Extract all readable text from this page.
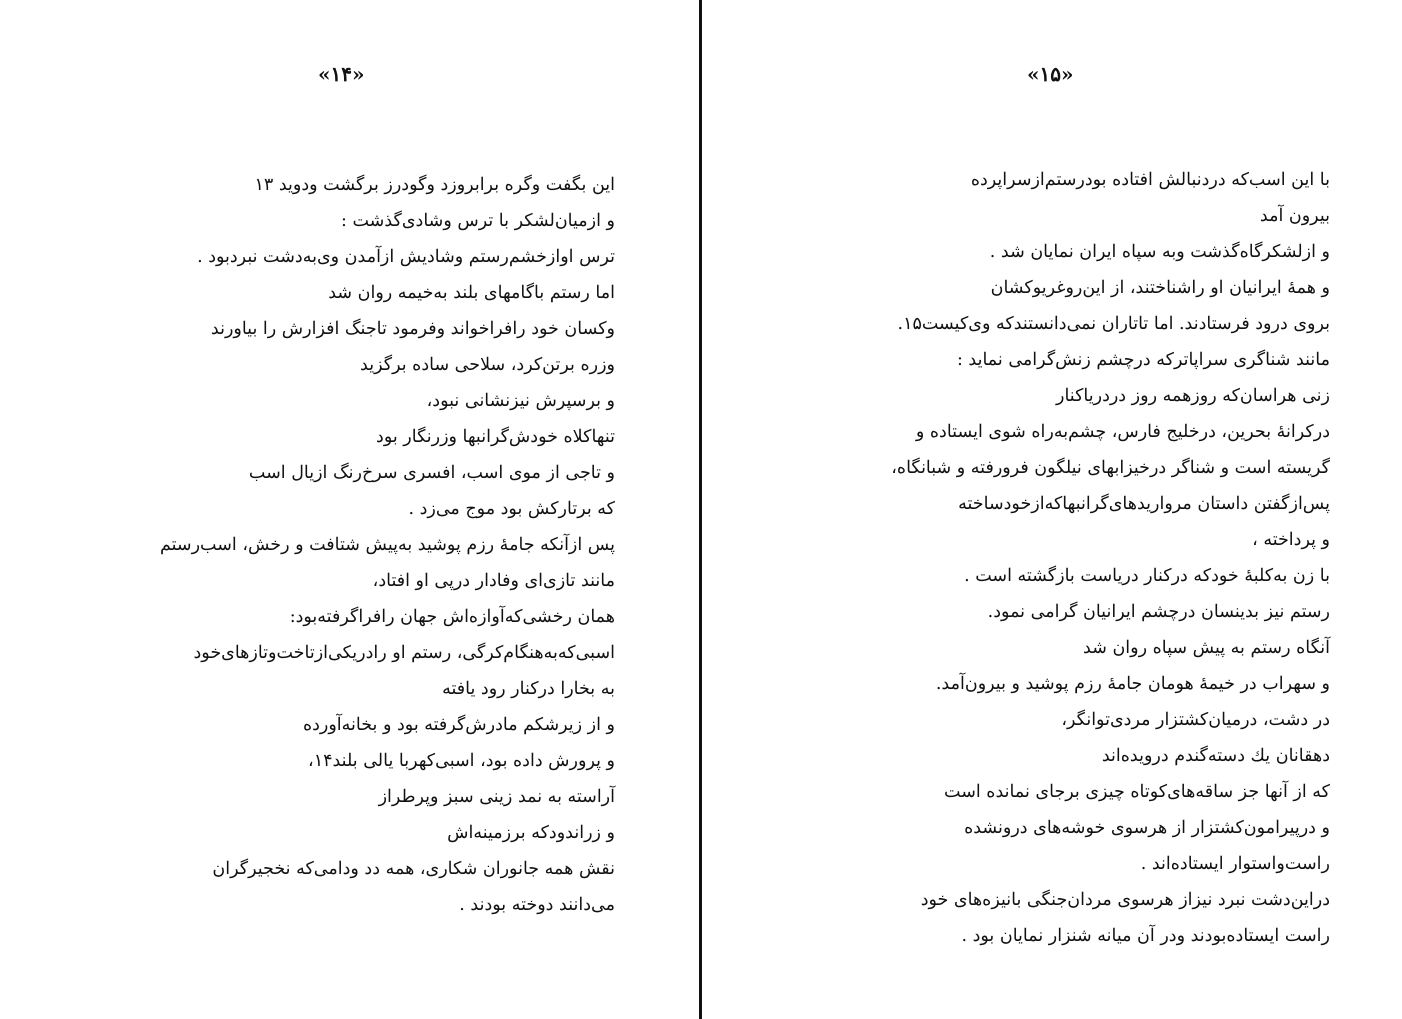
«۱۴»
این بگفت وگره برابروزد وگودرز برگشت ودوید ۱۳
و ازمیان‌لشکر با ترس وشادی‌گذشت :
ترس اوازخشم‌رستم وشادیش ازآمدن وی‌به‌دشت نبردبود .
اما رستم باگامهای بلند به‌خیمه روان شد
وکسان خود رافراخواند وفرمود تاجنگ افزارش را بیاورند
وزره برتن‌کرد، سلاحی ساده برگزید
و برسپرش نیزنشانی نبود،
تنهاکلاه خودش‌گرانبها وزرنگار بود
و تاجی از موی اسب، افسری سرخ‌رنگ ازیال اسب
که برتارکش بود موج می‌زد .
پس ازآنکه جامهٔ رزم پوشید به‌پیش شتافت و رخش، اسب‌رستم
مانند تازی‌ای وفادار درپی او افتاد،
همان رخشی‌که‌آوازه‌اش جهان رافراگرفته‌بود:
اسبی‌که‌به‌هنگام‌کرگی، رستم او رادریکی‌ازتاخت‌وتازهای‌خود
به بخارا درکنار رود یافته
و از زیرشکم مادرش‌گرفته بود و بخانه‌آورده
و پرورش داده بود، اسبی‌کهربا یالی بلند۱۴،
آراسته به نمد زینی سبز وپرطراز
و زراندودکه برزمینه‌اش
نقش همه جانوران شکاری، همه دد ودامی‌که نخجیرگران
می‌دانند دوخته بودند .
«۱۵»
با این اسب‌که دردنبالش افتاده بودرستم‌ازسراپرده
بیرون آمد
و ازلشکرگاه‌گذشت وبه سپاه ایران نمایان شد .
و همهٔ ایرانیان او راشناختند، از این‌روغریوکشان
بروی درود فرستادند. اما تاتاران نمی‌دانستندکه وی‌کیست۱۵.
مانند شناگری سراپاترکه درچشم زنش‌گرامی نماید :
زنی هراسان‌که روزهمه روز دردریاکنار
درکرانهٔ بحرین، درخلیج فارس، چشم‌به‌راه شوی ایستاده و
گریسته است و شناگر درخیزابهای نیلگون فرورفته و شبانگاه،
پس‌ازگفتن داستان مرواریدهای‌گرانبهاکه‌ازخودساخته
و پرداخته ،
با زن به‌کلبهٔ خودکه درکنار دریاست بازگشته است .
رستم نیز بدینسان درچشم ایرانیان گرامی نمود.
آنگاه رستم به پیش سپاه روان شد
و سهراب در خیمهٔ هومان جامهٔ رزم پوشید و بیرون‌آمد.
در دشت، درمیان‌کشتزار مردی‌توانگر،
دهقانان یك دسته‌گندم درویده‌اند
که از آنها جز ساقه‌های‌کوتاه چیزی برجای نمانده است
و درپیرامون‌کشتزار از هرسوی خوشه‌های درونشده
راست‌واستوار ایستاده‌اند .
دراین‌دشت نبرد نیزاز هرسوی مردان‌جنگی بانیزه‌های خود
راست ایستاده‌بودند ودر آن میانه شنزار نمایان بود .
